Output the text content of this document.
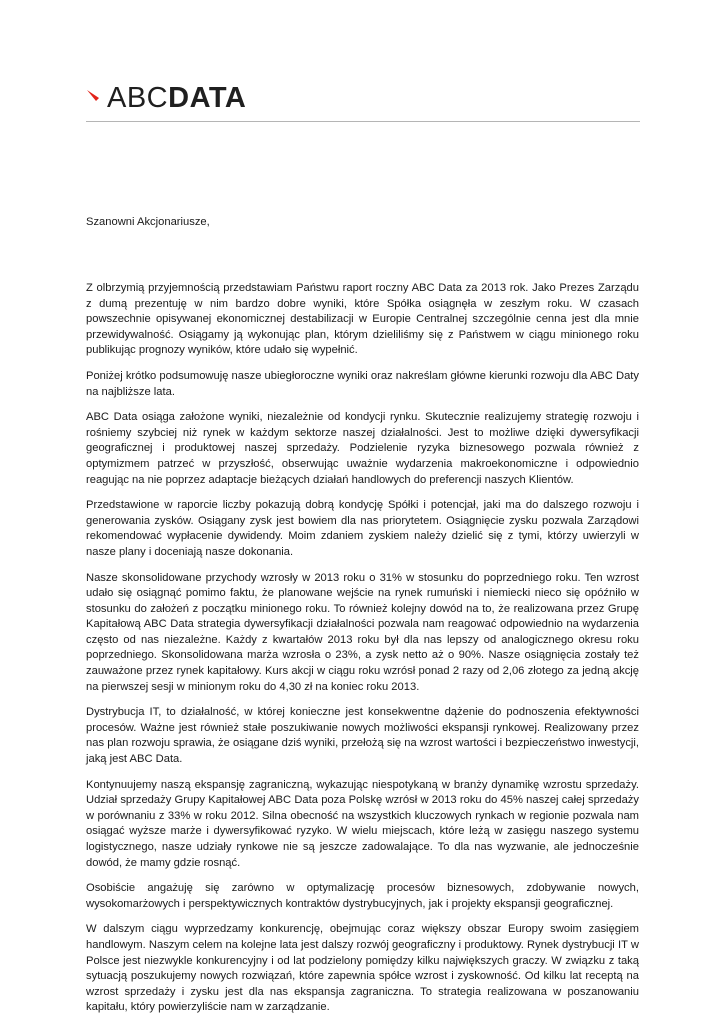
ABCDATA

Szanowni Akcjonariusze,

Z olbrzymią przyjemnością przedstawiam Państwu raport roczny ABC Data za 2013 rok. Jako Prezes Zarządu z dumą prezentuję w nim bardzo dobre wyniki, które Spółka osiągnęła w zeszłym roku. W czasach powszechnie opisywanej ekonomicznej destabilizacji w Europie Centralnej szczególnie cenna jest dla mnie przewidywalność. Osiągamy ją wykonując plan, którym dzieliliśmy się z Państwem w ciągu minionego roku publikując prognozy wyników, które udało się wypełnić.

Poniżej krótko podsumowuję nasze ubiegłoroczne wyniki oraz nakreślam główne kierunki rozwoju dla ABC Daty na najbliższe lata.

ABC Data osiąga założone wyniki, niezależnie od kondycji rynku. Skutecznie realizujemy strategię rozwoju i rośniemy szybciej niż rynek w każdym sektorze naszej działalności. Jest to możliwe dzięki dywersyfikacji geograficznej i produktowej naszej sprzedaży. Podzielenie ryzyka biznesowego pozwala również z optymizmem patrzeć w przyszłość, obserwując uważnie wydarzenia makroekonomiczne i odpowiednio reagując na nie poprzez adaptacje bieżących działań handlowych do preferencji naszych Klientów.

Przedstawione w raporcie liczby pokazują dobrą kondycję Spółki i potencjał, jaki ma do dalszego rozwoju i generowania zysków. Osiągany zysk jest bowiem dla nas priorytetem. Osiągnięcie zysku pozwala Zarządowi rekomendować wypłacenie dywidendy. Moim zdaniem zyskiem należy dzielić się z tymi, którzy uwierzyli w nasze plany i doceniają nasze dokonania.

Nasze skonsolidowane przychody wzrosły w 2013 roku o 31% w stosunku do poprzedniego roku. Ten wzrost udało się osiągnąć pomimo faktu, że planowane wejście na rynek rumuński i niemiecki nieco się opóźniło w stosunku do założeń z początku minionego roku. To również kolejny dowód na to, że realizowana przez Grupę Kapitałową ABC Data strategia dywersyfikacji działalności pozwala nam reagować odpowiednio na wydarzenia często od nas niezależne. Każdy z kwartałów 2013 roku był dla nas lepszy od analogicznego okresu roku poprzedniego. Skonsolidowana marża wzrosła o 23%, a zysk netto aż o 90%. Nasze osiągnięcia zostały też zauważone przez rynek kapitałowy. Kurs akcji w ciągu roku wzrósł ponad 2 razy od 2,06 złotego za jedną akcję na pierwszej sesji w minionym roku do 4,30 zł na koniec roku 2013.

Dystrybucja IT, to działalność, w której konieczne jest konsekwentne dążenie do podnoszenia efektywności procesów. Ważne jest również stałe poszukiwanie nowych możliwości ekspansji rynkowej. Realizowany przez nas plan rozwoju sprawia, że osiągane dziś wyniki, przełożą się na wzrost wartości i bezpieczeństwo inwestycji, jaką jest ABC Data.

Kontynuujemy naszą ekspansję zagraniczną, wykazując niespotykaną w branży dynamikę wzrostu sprzedaży. Udział sprzedaży Grupy Kapitałowej ABC Data poza Polskę wzrósł w 2013 roku do 45% naszej całej sprzedaży w porównaniu z 33% w roku 2012. Silna obecność na wszystkich kluczowych rynkach w regionie pozwala nam osiągać wyższe marże i dywersyfikować ryzyko. W wielu miejscach, które leżą w zasięgu naszego systemu logistycznego, nasze udziały rynkowe nie są jeszcze zadowalające. To dla nas wyzwanie, ale jednocześnie dowód, że mamy gdzie rosnąć.

Osobiście angażuję się zarówno w optymalizację procesów biznesowych, zdobywanie nowych, wysokomarżowych i perspektywicznych kontraktów dystrybucyjnych, jak i projekty ekspansji geograficznej.

W dalszym ciągu wyprzedzamy konkurencję, obejmując coraz większy obszar Europy swoim zasięgiem handlowym. Naszym celem na kolejne lata jest dalszy rozwój geograficzny i produktowy. Rynek dystrybucji IT w Polsce jest niezwykle konkurencyjny i od lat podzielony pomiędzy kilku największych graczy. W związku z taką sytuacją poszukujemy nowych rozwiązań, które zapewnia spółce wzrost i zyskowność. Od kilku lat receptą na wzrost sprzedaży i zysku jest dla nas ekspansja zagraniczna. To strategia realizowana w poszanowaniu kapitału, który powierzyliście nam w zarządzanie.
